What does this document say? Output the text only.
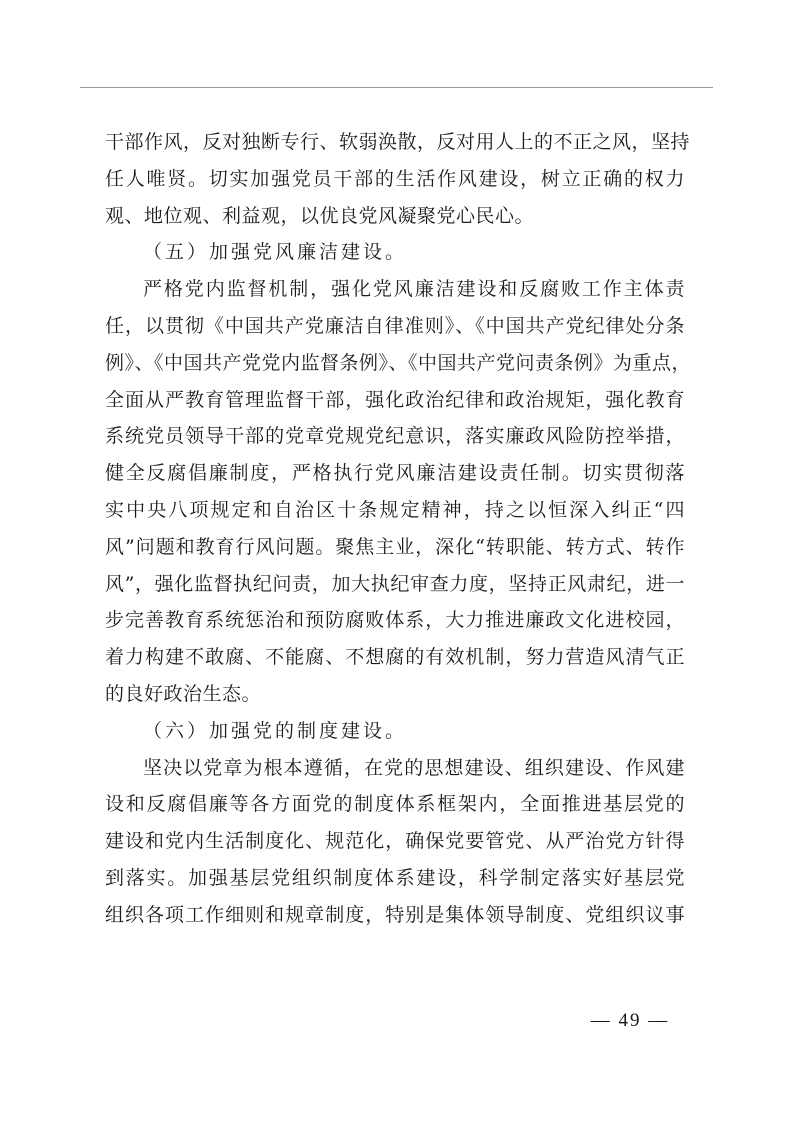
干部作风，反对独断专行、软弱涣散，反对用人上的不正之风，坚持
任人唯贤。切实加强党员干部的生活作风建设，树立正确的权力
观、地位观、利益观，以优良党风凝聚党心民心。
（五）加强党风廉洁建设。
严格党内监督机制，强化党风廉洁建设和反腐败工作主体责
任，以贯彻《中国共产党廉洁自律准则》、《中国共产党纪律处分条
例》、《中国共产党党内监督条例》、《中国共产党问责条例》为重点，
全面从严教育管理监督干部，强化政治纪律和政治规矩，强化教育
系统党员领导干部的党章党规党纪意识，落实廉政风险防控举措，
健全反腐倡廉制度，严格执行党风廉洁建设责任制。切实贯彻落
实中央八项规定和自治区十条规定精神，持之以恒深入纠正“四
风”问题和教育行风问题。聚焦主业，深化“转职能、转方式、转作
风”，强化监督执纪问责，加大执纪审查力度，坚持正风肃纪，进一
步完善教育系统惩治和预防腐败体系，大力推进廉政文化进校园，
着力构建不敢腐、不能腐、不想腐的有效机制，努力营造风清气正
的良好政治生态。
（六）加强党的制度建设。
坚决以党章为根本遵循，在党的思想建设、组织建设、作风建
设和反腐倡廉等各方面党的制度体系框架内，全面推进基层党的
建设和党内生活制度化、规范化，确保党要管党、从严治党方针得
到落实。加强基层党组织制度体系建设，科学制定落实好基层党
组织各项工作细则和规章制度，特别是集体领导制度、党组织议事
— 49 —
